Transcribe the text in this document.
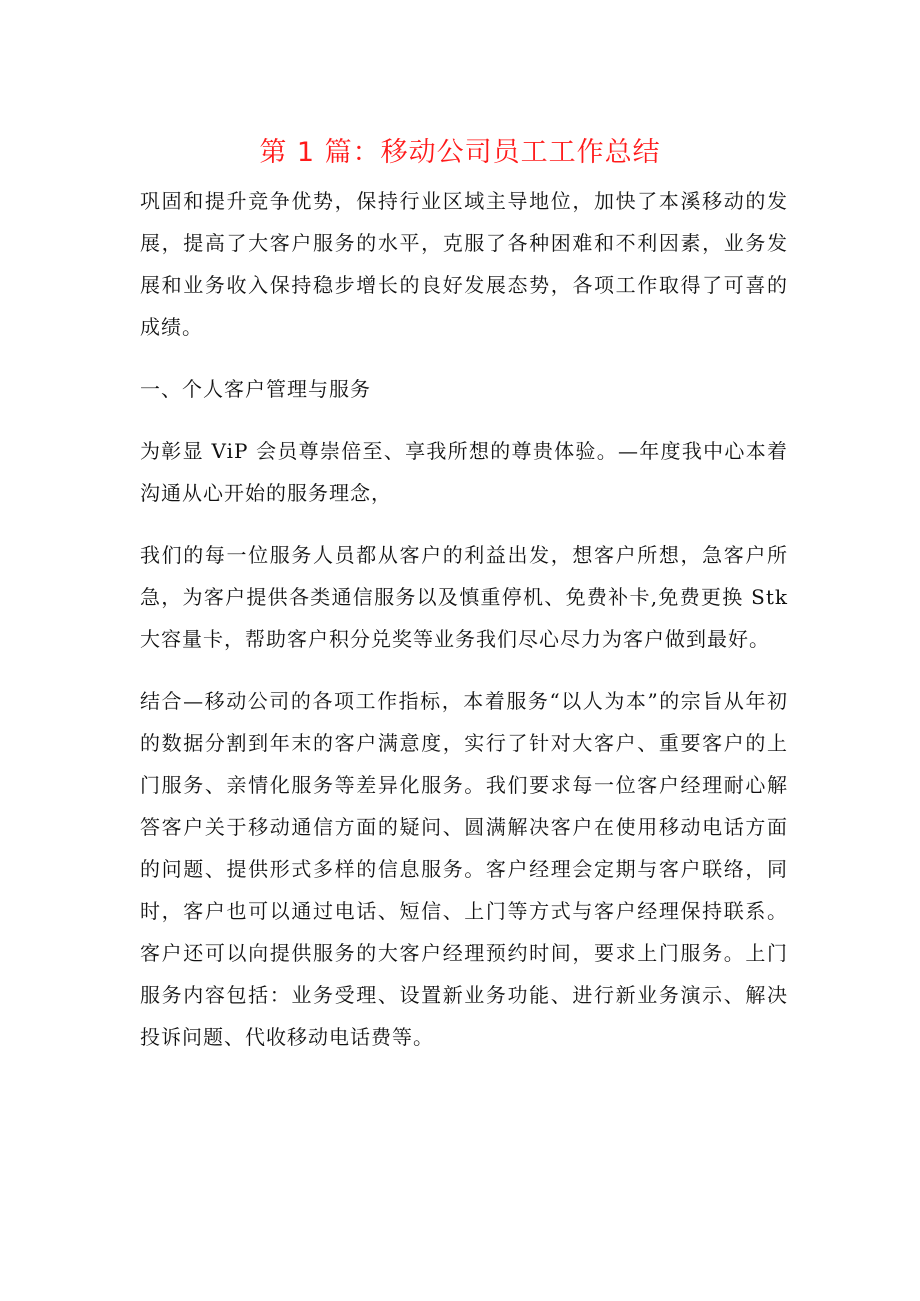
第 1 篇：移动公司员工工作总结

巩固和提升竞争优势，保持行业区域主导地位，加快了本溪移动的发展，提高了大客户服务的水平，克服了各种困难和不利因素，业务发展和业务收入保持稳步增长的良好发展态势，各项工作取得了可喜的成绩。

一、个人客户管理与服务

为彰显 ViP 会员尊崇倍至、享我所想的尊贵体验。—年度我中心本着沟通从心开始的服务理念，

我们的每一位服务人员都从客户的利益出发，想客户所想，急客户所急，为客户提供各类通信服务以及慎重停机、免费补卡,免费更换 Stk 大容量卡，帮助客户积分兑奖等业务我们尽心尽力为客户做到最好。

结合—移动公司的各项工作指标，本着服务“以人为本”的宗旨从年初的数据分割到年末的客户满意度，实行了针对大客户、重要客户的上门服务、亲情化服务等差异化服务。我们要求每一位客户经理耐心解答客户关于移动通信方面的疑问、圆满解决客户在使用移动电话方面的问题、提供形式多样的信息服务。客户经理会定期与客户联络，同时，客户也可以通过电话、短信、上门等方式与客户经理保持联系。客户还可以向提供服务的大客户经理预约时间，要求上门服务。上门服务内容包括：业务受理、设置新业务功能、进行新业务演示、解决投诉问题、代收移动电话费等。
